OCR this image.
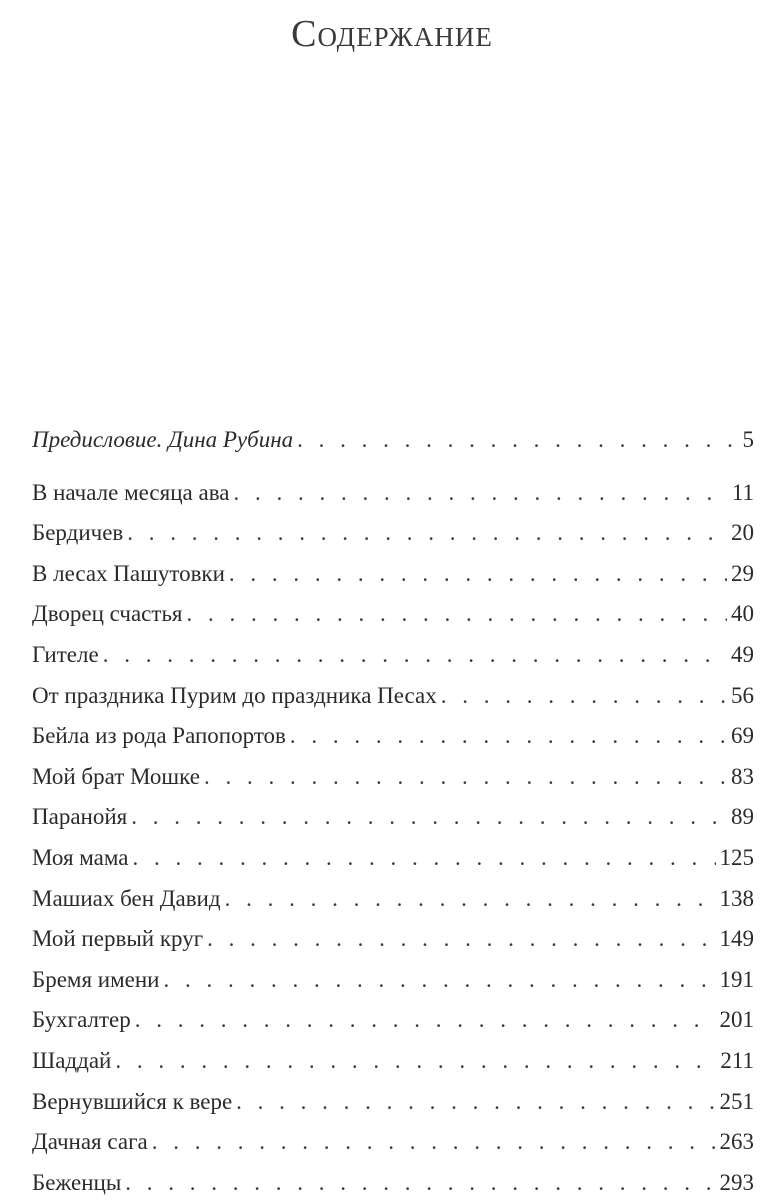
Содержание
Предисловие. Дина Рубина . . .	5
В начале месяца ава . . .	11
Бердичев . . .	20
В лесах Пашутовки . . .	29
Дворец счастья . . .	40
Гителе . . .	49
От праздника Пурим до праздника Песах . . .	56
Бейла из рода Рапопортов . . .	69
Мой брат Мошке . . .	83
Паранойя . . .	89
Моя мама . . .	125
Машиах бен Давид . . .	138
Мой первый круг . . .	149
Бремя имени . . .	191
Бухгалтер . . .	201
Шаддай . . .	211
Вернувшийся к вере . . .	251
Дачная сага . . .	263
Беженцы . . .	293
